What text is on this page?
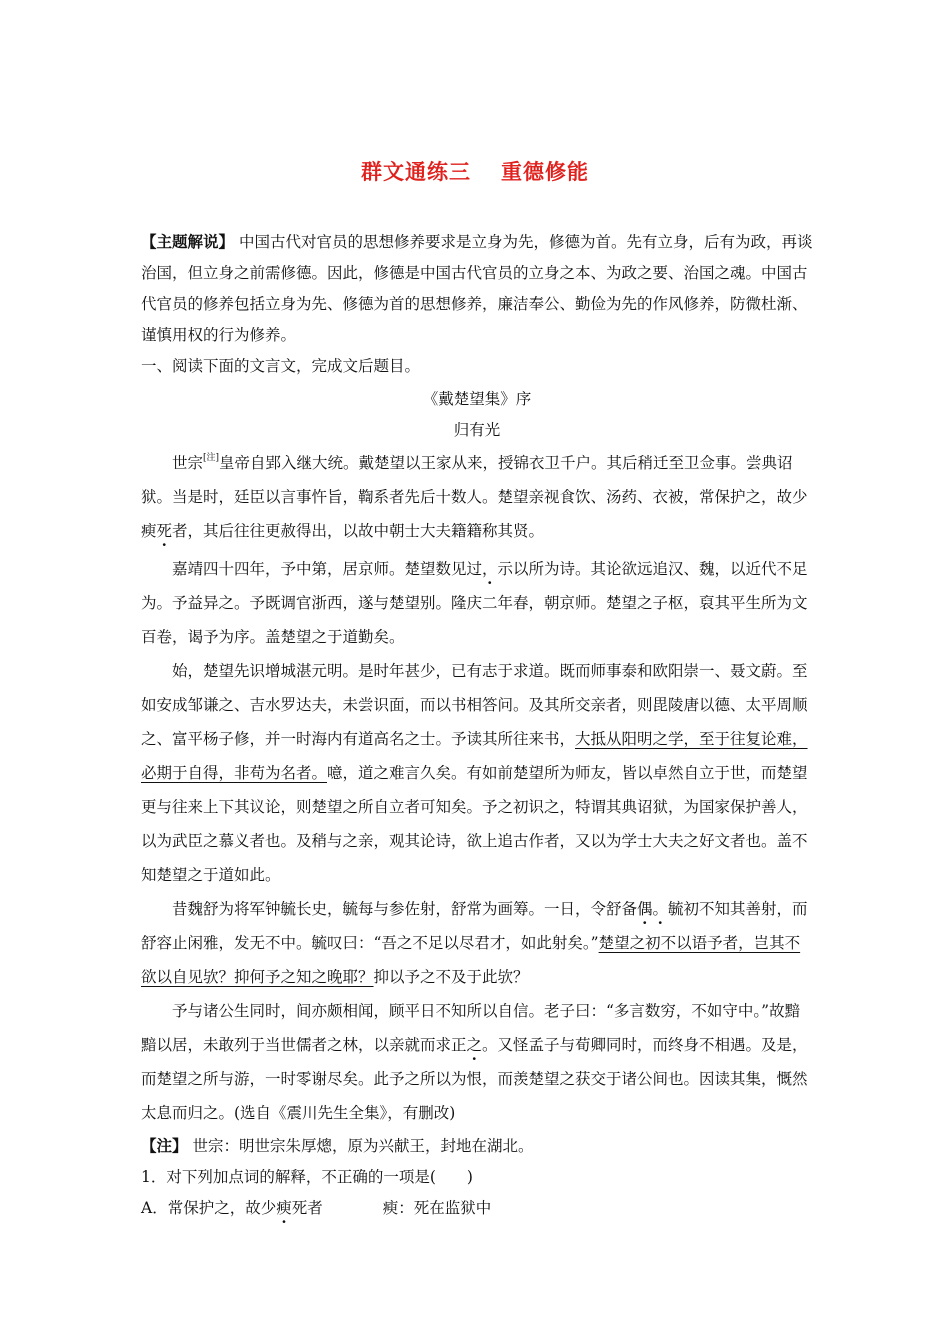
群文通练三 重德修能

【主题解说】 中国古代对官员的思想修养要求是立身为先，修德为首。先有立身，后有为政，再谈治国，但立身之前需修德。因此，修德是中国古代官员的立身之本、为政之要、治国之魂。中国古代官员的修养包括立身为先、修德为首的思想修养，廉洁奉公、勤俭为先的作风修养，防微杜渐、谨慎用权的行为修养。

一、阅读下面的文言文，完成文后题目。

《戴楚望集》序

归有光

世宗[注]皇帝自郢入继大统。戴楚望以王家从来，授锦衣卫千户。其后稍迁至卫佥事。尝典诏狱。当是时，廷臣以言事忤旨，鞫系者先后十数人。楚望亲视食饮、汤药、衣被，常保护之，故少瘐死者，其后往往更赦得出，以故中朝士大夫籍籍称其贤。

嘉靖四十四年，予中第，居京师。楚望数见过，示以所为诗。其论欲远追汉、魏，以近代不足为。予益异之。予既调官浙西，遂与楚望别。隆庆二年春，朝京师。楚望之子枢，裒其平生所为文百卷，谒予为序。盖楚望之于道勤矣。

始，楚望先识增城湛元明。是时年甚少，已有志于求道。既而师事泰和欧阳崇一、聂文蔚。至如安成邹谦之、吉水罗达夫，未尝识面，而以书相答问。及其所交亲者，则毘陵唐以德、太平周顺之、富平杨子修，并一时海内有道高名之士。予读其所往来书，大抵从阳明之学，至于往复论难，必期于自得，非苟为名者。噫，道之难言久矣。有如前楚望所为师友，皆以卓然自立于世，而楚望更与往来上下其议论，则楚望之所自立者可知矣。予之初识之，特谓其典诏狱，为国家保护善人，以为武臣之慕义者也。及稍与之亲，观其论诗，欲上追古作者，又以为学士大夫之好文者也。盖不知楚望之于道如此。

昔魏舒为将军钟毓长史，毓每与参佐射，舒常为画筹。一日，令舒备偶。毓初不知其善射，而舒容止闲雅，发无不中。毓叹曰：“吾之不足以尽君才，如此射矣。”楚望之初不以语予者，岂其不欲以自见欤？抑何予之知之晚耶？抑以予之不及于此欤？

予与诸公生同时，间亦颇相闻，顾平日不知所以自信。老子曰：“多言数穷，不如守中。”故黯黯以居，未敢列于当世儒者之林，以亲就而求正之。又怪孟子与荀卿同时，而终身不相遇。及是，而楚望之所与游，一时零谢尽矣。此予之所以为恨，而羡楚望之获交于诸公间也。因读其集，慨然太息而归之。(选自《震川先生全集》，有删改)

【注】 世宗：明世宗朱厚熜，原为兴献王，封地在湖北。

1．对下列加点词的解释，不正确的一项是(　　)

A．常保护之，故少瘐死者	瘐：死在监狱中
